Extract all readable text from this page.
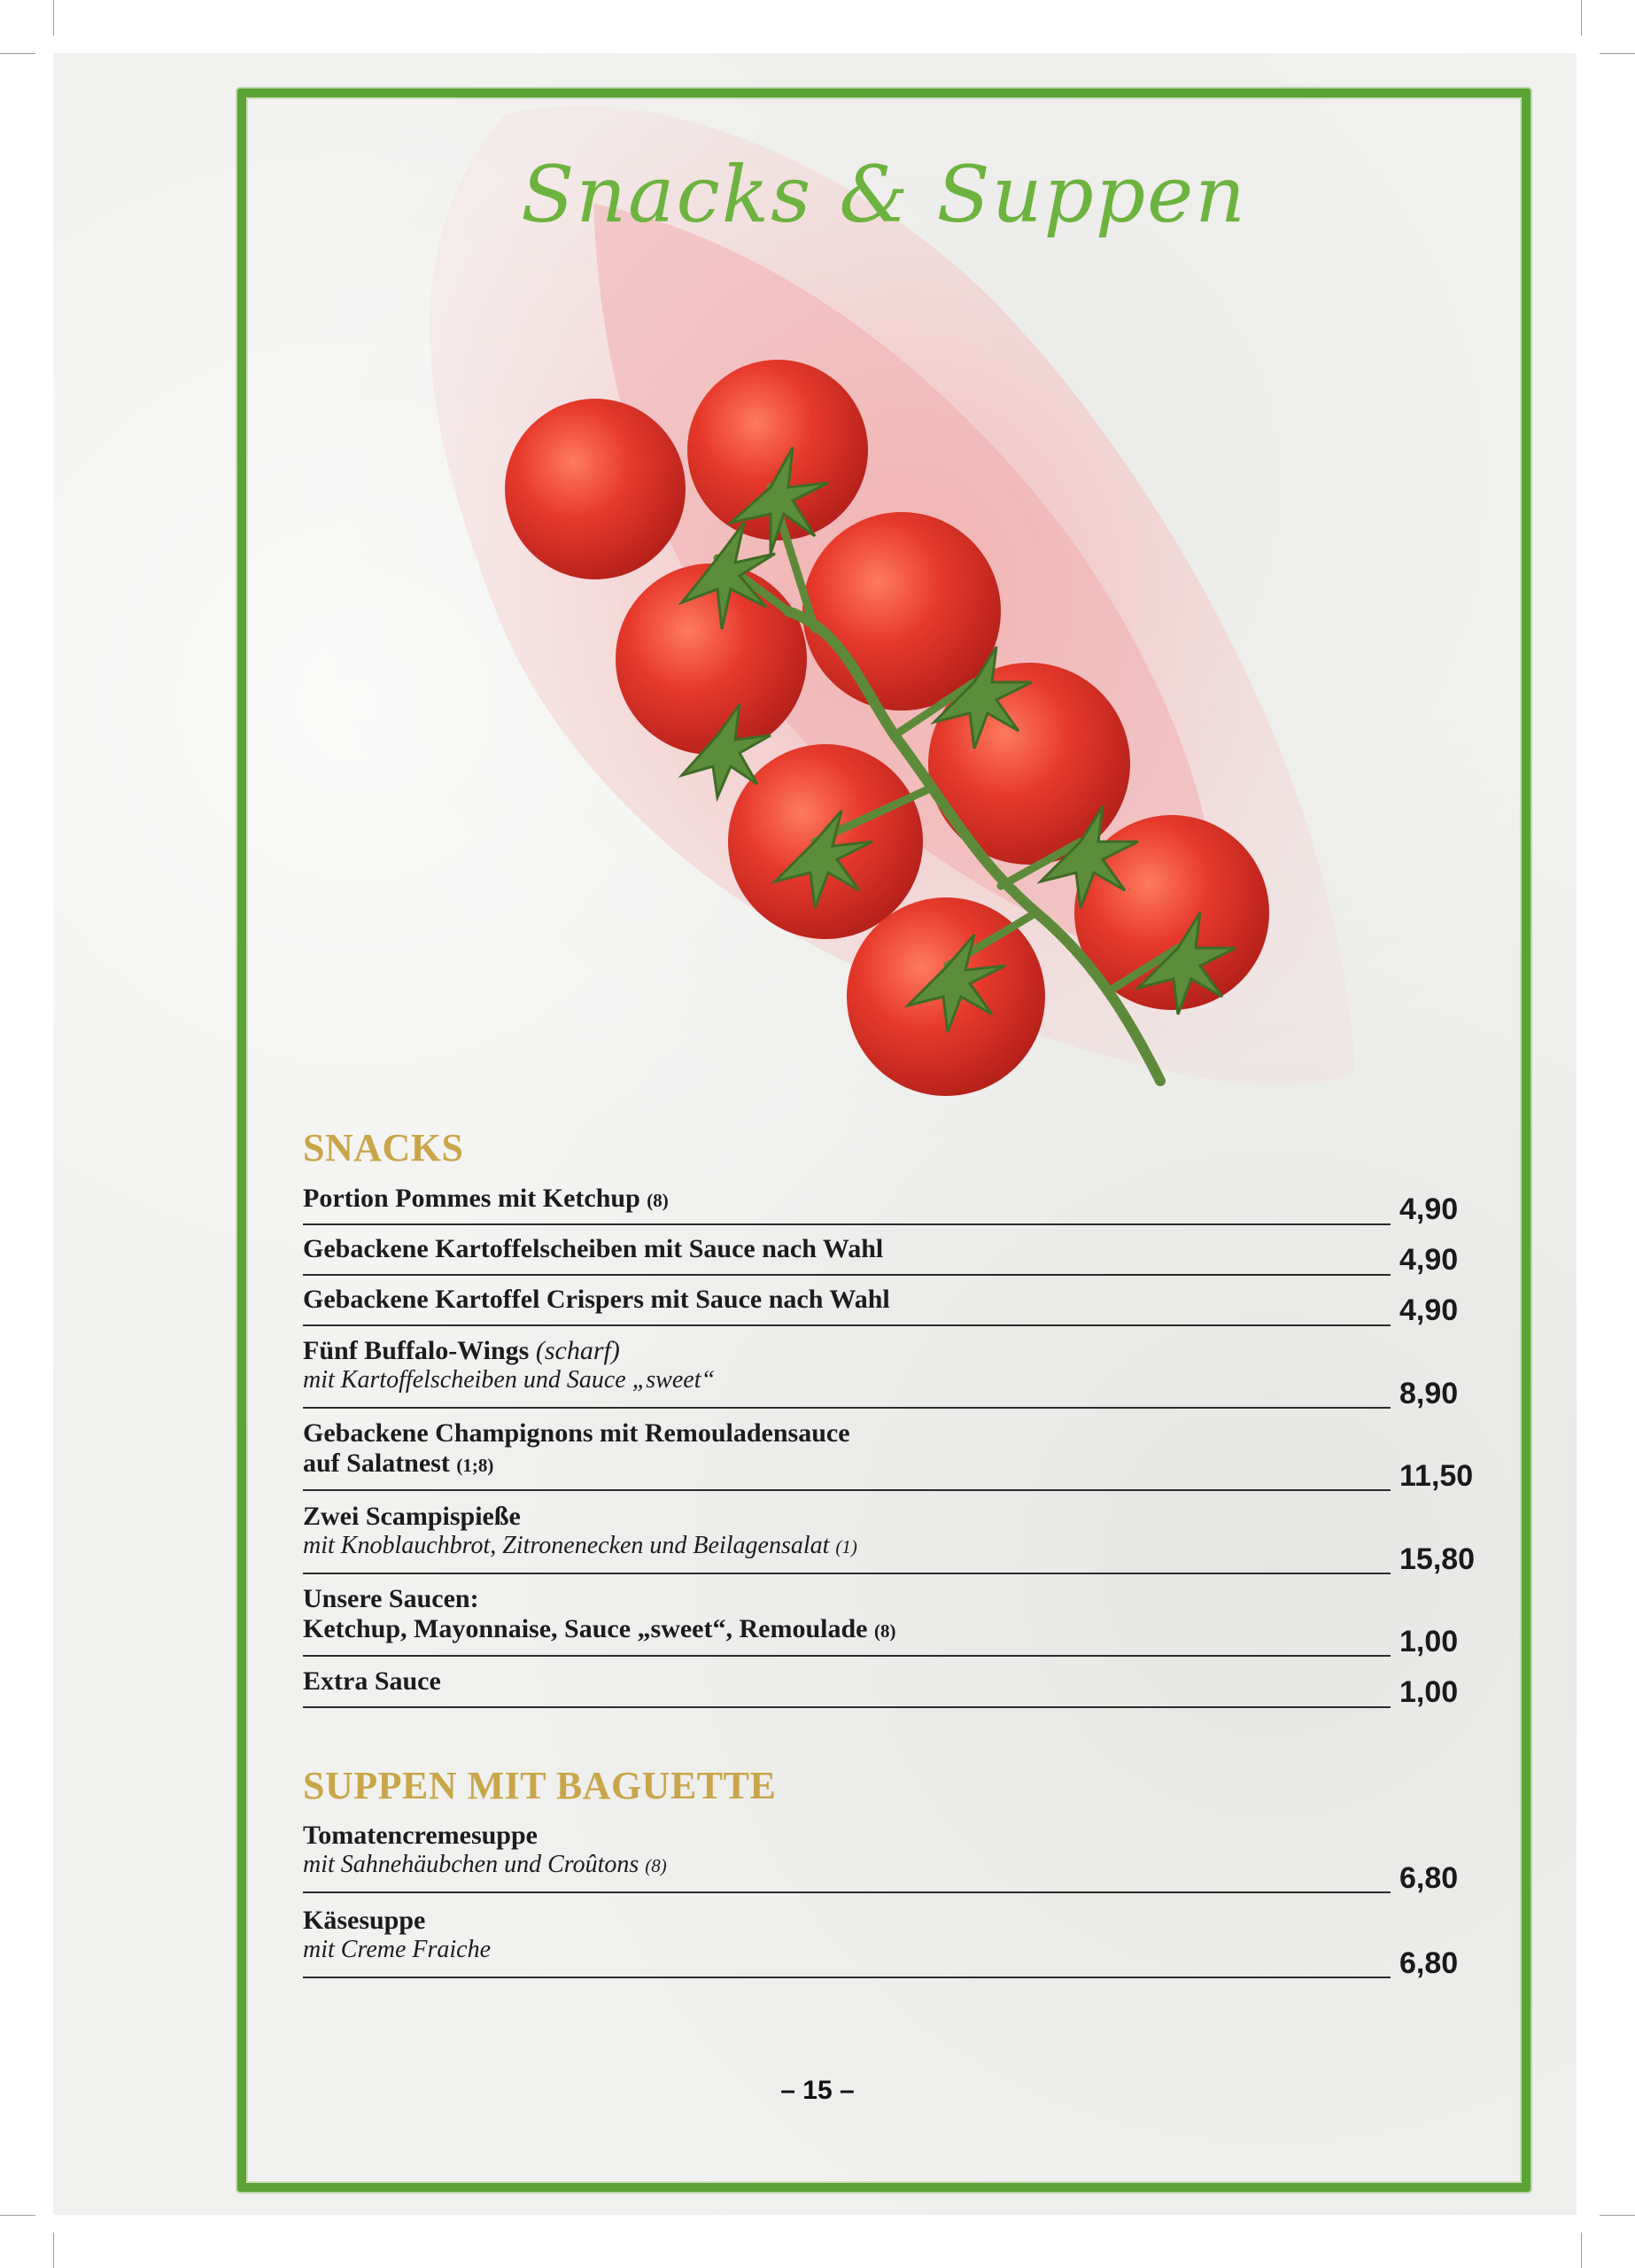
Snacks & Suppen
SNACKS
Portion Pommes mit Ketchup (8)	4,90
Gebackene Kartoffelscheiben mit Sauce nach Wahl	4,90
Gebackene Kartoffel Crispers mit Sauce nach Wahl	4,90
Fünf Buffalo-Wings (scharf)
mit Kartoffelscheiben und Sauce „sweet“	8,90
Gebackene Champignons mit Remouladensauce
auf Salatnest (1;8)	11,50
Zwei Scampispieße
mit Knoblauchbrot, Zitronenecken und Beilagensalat (1)	15,80
Unsere Saucen:
Ketchup, Mayonnaise, Sauce „sweet“, Remoulade (8)	1,00
Extra Sauce	1,00
SUPPEN MIT BAGUETTE
Tomatencremesuppe
mit Sahnehäubchen und Croûtons (8)	6,80
Käsesuppe
mit Creme Fraiche	6,80
– 15 –
